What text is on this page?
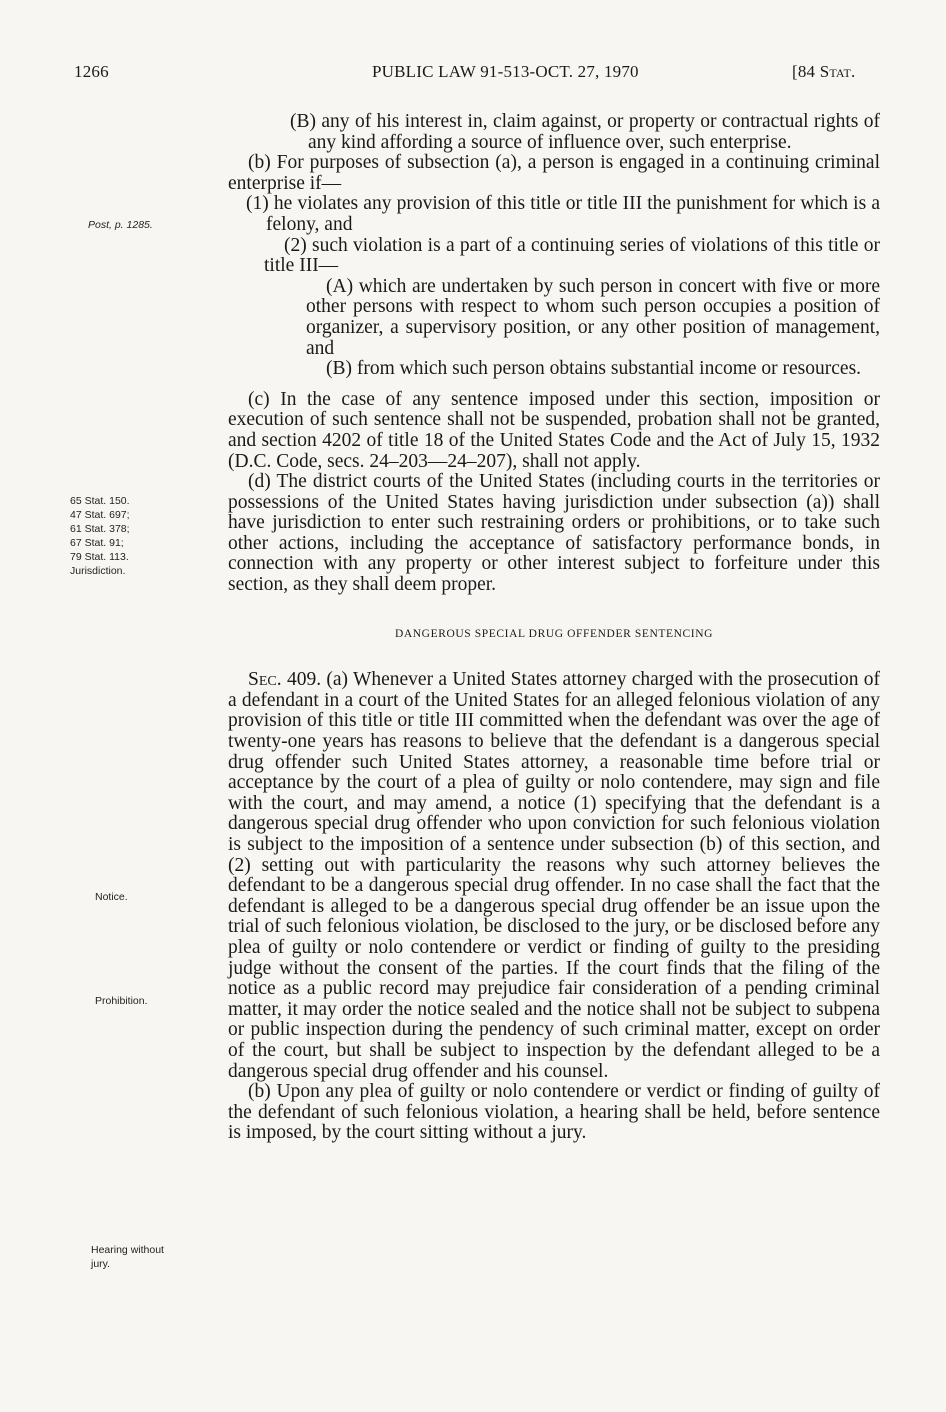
1266	PUBLIC LAW 91-513-OCT. 27, 1970	[84 Stat.
Post, p. 1285.
65 Stat. 150.
47 Stat. 697;
61 Stat. 378;
67 Stat. 91;
79 Stat. 113.
Jurisdiction.
Notice.
Prohibition.
Hearing without
jury.

(B) any of his interest in, claim against, or property or contractual rights of any kind affording a source of influence over, such enterprise.

(b) For purposes of subsection (a), a person is engaged in a continuing criminal enterprise if—

(1) he violates any provision of this title or title III the punishment for which is a felony, and

(2) such violation is a part of a continuing series of violations of this title or title III—

(A) which are undertaken by such person in concert with five or more other persons with respect to whom such person occupies a position of organizer, a supervisory position, or any other position of management, and

(B) from which such person obtains substantial income or resources.

(c) In the case of any sentence imposed under this section, imposition or execution of such sentence shall not be suspended, probation shall not be granted, and section 4202 of title 18 of the United States Code and the Act of July 15, 1932 (D.C. Code, secs. 24–203—24–207), shall not apply.

(d) The district courts of the United States (including courts in the territories or possessions of the United States having jurisdiction under subsection (a)) shall have jurisdiction to enter such restraining orders or prohibitions, or to take such other actions, including the acceptance of satisfactory performance bonds, in connection with any property or other interest subject to forfeiture under this section, as they shall deem proper.

DANGEROUS SPECIAL DRUG OFFENDER SENTENCING

Sec. 409. (a) Whenever a United States attorney charged with the prosecution of a defendant in a court of the United States for an alleged felonious violation of any provision of this title or title III committed when the defendant was over the age of twenty-one years has reasons to believe that the defendant is a dangerous special drug offender such United States attorney, a reasonable time before trial or acceptance by the court of a plea of guilty or nolo contendere, may sign and file with the court, and may amend, a notice (1) specifying that the defendant is a dangerous special drug offender who upon conviction for such felonious violation is subject to the imposition of a sentence under subsection (b) of this section, and (2) setting out with particularity the reasons why such attorney believes the defendant to be a dangerous special drug offender. In no case shall the fact that the defendant is alleged to be a dangerous special drug offender be an issue upon the trial of such felonious violation, be disclosed to the jury, or be disclosed before any plea of guilty or nolo contendere or verdict or finding of guilty to the presiding judge without the consent of the parties. If the court finds that the filing of the notice as a public record may prejudice fair consideration of a pending criminal matter, it may order the notice sealed and the notice shall not be subject to subpena or public inspection during the pendency of such criminal matter, except on order of the court, but shall be subject to inspection by the defendant alleged to be a dangerous special drug offender and his counsel.

(b) Upon any plea of guilty or nolo contendere or verdict or finding of guilty of the defendant of such felonious violation, a hearing shall be held, before sentence is imposed, by the court sitting without a jury.
